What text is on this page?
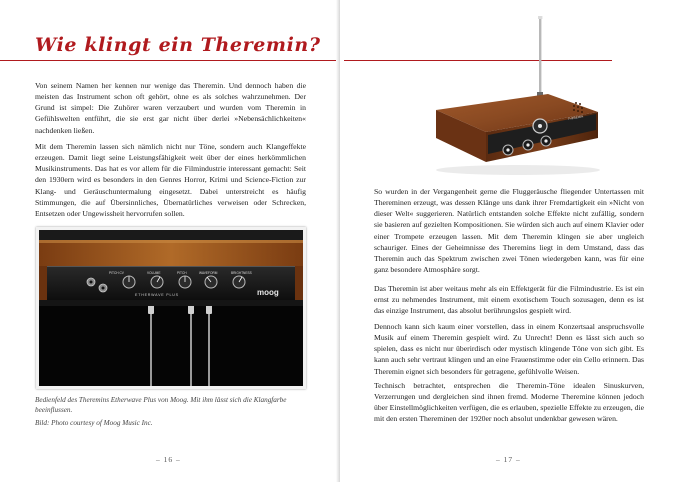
Wie klingt ein Theremin?

Von seinem Namen her kennen nur wenige das Theremin. Und dennoch haben die meisten das Instrument schon oft gehört, ohne es als solches wahrzunehmen. Der Grund ist simpel: Die Zuhörer waren verzaubert und wurden vom Theremin in Gefühlswelten entführt, die sie erst gar nicht über derlei »Nebensächlichkeiten« nachdenken ließen.

Mit dem Theremin lassen sich nämlich nicht nur Töne, sondern auch Klangeffekte erzeugen. Damit liegt seine Leistungsfähigkeit weit über der eines herkömmlichen Musikinstruments. Das hat es vor allem für die Filmindustrie interessant gemacht: Seit den 1930ern wird es besonders in den Genres Horror, Krimi und Science-Fiction zur Klang- und Geräuschuntermalung eingesetzt. Dabei unterstreicht es häufig Stimmungen, die auf Übersinnliches, Übernatürliches verweisen oder Schrecken, Entsetzen oder Ungewissheit hervorrufen sollen.

PITCH CV	VOLUME	PITCH	WAVEFORM	BRIGHTNESS
ETHERWAVE PLUS	moog

Bedienfeld des Theremins Etherwave Plus von Moog. Mit ihm lässt sich die Klangfarbe beeinflussen.

Bild: Photo courtesy of Moog Music Inc.

– 16 –
THEREMIN

So wurden in der Vergangenheit gerne die Fluggeräusche fliegender Untertassen mit Thereminen erzeugt, was dessen Klänge uns dank ihrer Fremdartigkeit ein »Nicht von dieser Welt« suggerieren. Natürlich entstanden solche Effekte nicht zufällig, sondern sie basieren auf gezielten Kompositionen. Sie würden sich auch auf einem Klavier oder einer Trompete erzeugen lassen. Mit dem Theremin klingen sie aber ungleich schauriger. Eines der Geheimnisse des Theremins liegt in dem Umstand, dass das Theremin auch das Spektrum zwischen zwei Tönen wiedergeben kann, was für eine ganz besondere Atmosphäre sorgt.

Das Theremin ist aber weitaus mehr als ein Effektgerät für die Filmindustrie. Es ist ein ernst zu nehmendes Instrument, mit einem exotischem Touch sozusagen, denn es ist das einzige Instrument, das absolut berührungslos gespielt wird.

Dennoch kann sich kaum einer vorstellen, dass in einem Konzertsaal anspruchsvolle Musik auf einem Theremin gespielt wird. Zu Unrecht! Denn es lässt sich auch so spielen, dass es nicht nur überirdisch oder mystisch klingende Töne von sich gibt. Es kann auch sehr vertraut klingen und an eine Frauenstimme oder ein Cello erinnern. Das Theremin eignet sich besonders für getragene, gefühlvolle Weisen.

Technisch betrachtet, entsprechen die Theremin-Töne idealen Sinuskurven, Verzerrungen und dergleichen sind ihnen fremd. Moderne Thereminе können jedoch über Einstellmöglichkeiten verfügen, die es erlauben, spezielle Effekte zu erzeugen, die mit den ersten Thereminen der 1920er noch absolut undenkbar gewesen wären.

– 17 –
